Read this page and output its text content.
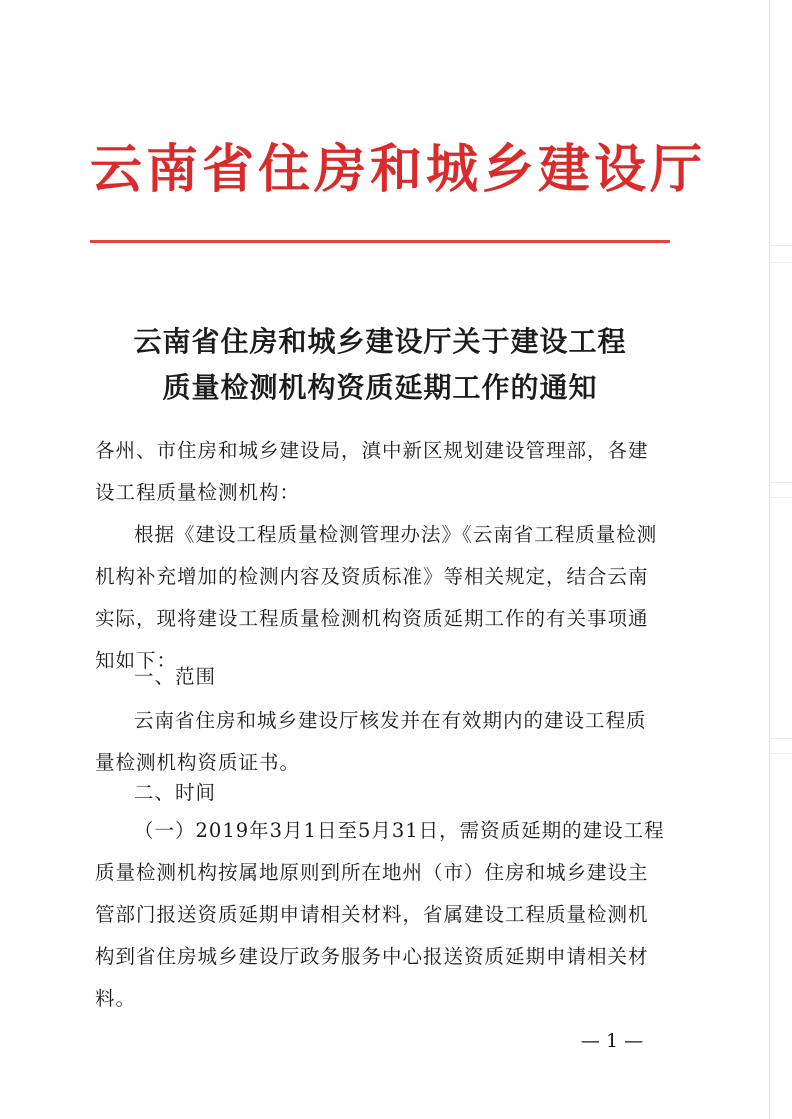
云南省住房和城乡建设厅
云南省住房和城乡建设厅关于建设工程
质量检测机构资质延期工作的通知
各州、市住房和城乡建设局，滇中新区规划建设管理部，各建设工程质量检测机构：
根据《建设工程质量检测管理办法》《云南省工程质量检测机构补充增加的检测内容及资质标准》等相关规定，结合云南实际，现将建设工程质量检测机构资质延期工作的有关事项通知如下：
一、范围
云南省住房和城乡建设厅核发并在有效期内的建设工程质量检测机构资质证书。
二、时间
（一）2019年3月1日至5月31日，需资质延期的建设工程质量检测机构按属地原则到所在地州（市）住房和城乡建设主管部门报送资质延期申请相关材料，省属建设工程质量检测机构到省住房城乡建设厅政务服务中心报送资质延期申请相关材料。
— 1 —
